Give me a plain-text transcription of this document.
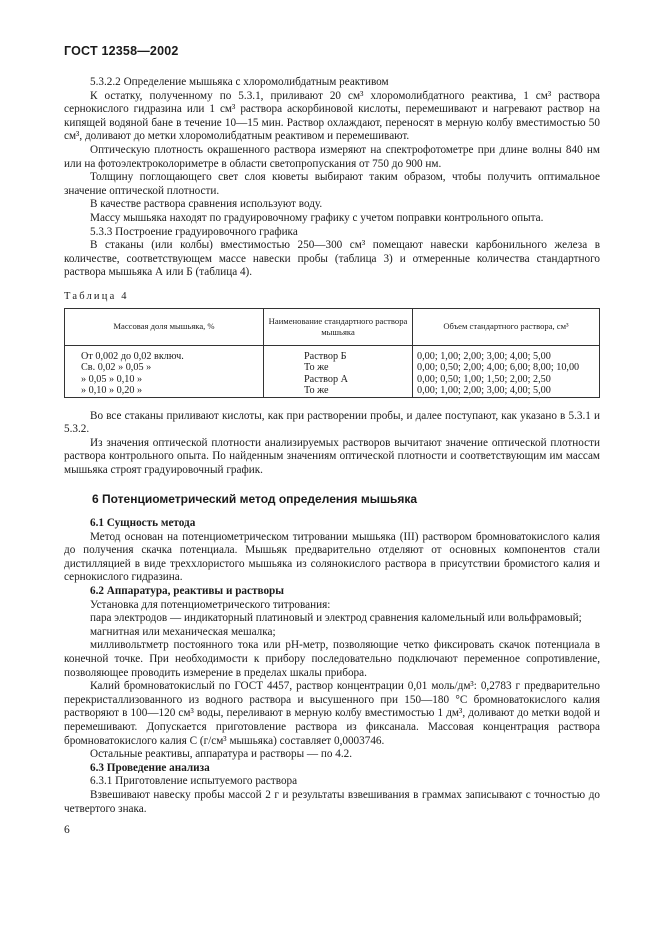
ГОСТ 12358—2002

5.3.2.2 Определение мышьяка с хлоромолибдатным реактивом

К остатку, полученному по 5.3.1, приливают 20 см³ хлоромолибдатного реактива, 1 см³ раствора сернокислого гидразина или 1 см³ раствора аскорбиновой кислоты, перемешивают и нагревают раствор на кипящей водяной бане в течение 10—15 мин. Раствор охлаждают, переносят в мерную колбу вместимостью 50 см³, доливают до метки хлоромолибдатным реактивом и перемешивают.

Оптическую плотность окрашенного раствора измеряют на спектрофотометре при длине волны 840 нм или на фотоэлектроколориметре в области светопропускания от 750 до 900 нм.

Толщину поглощающего свет слоя кюветы выбирают таким образом, чтобы получить оптимальное значение оптической плотности.

В качестве раствора сравнения используют воду.

Массу мышьяка находят по градуировочному графику с учетом поправки контрольного опыта.

5.3.3 Построение градуировочного графика

В стаканы (или колбы) вместимостью 250—300 см³ помещают навески карбонильного железа в количестве, соответствующем массе навески пробы (таблица 3) и отмеренные количества стандартного раствора мышьяка А или Б (таблица 4).

Таблица 4
Массовая доля мышьяка, %	Наименование стандартного раствора мышьяка	Объем стандартного раствора, см³
От 0,002 до 0,02 включ.	Раствор Б	0,00; 1,00; 2,00; 3,00; 4,00; 5,00
Св. 0,02 » 0,05 »	То же	0,00; 0,50; 2,00; 4,00; 6,00; 8,00; 10,00
» 0,05 » 0,10 »	Раствор А	0,00; 0,50; 1,00; 1,50; 2,00; 2,50
» 0,10 » 0,20 »	То же	0,00; 1,00; 2,00; 3,00; 4,00; 5,00

Во все стаканы приливают кислоты, как при растворении пробы, и далее поступают, как указано в 5.3.1 и 5.3.2.

Из значения оптической плотности анализируемых растворов вычитают значение оптической плотности раствора контрольного опыта. По найденным значениям оптической плотности и соответствующим им массам мышьяка строят градуировочный график.

6 Потенциометрический метод определения мышьяка

6.1 Сущность метода

Метод основан на потенциометрическом титровании мышьяка (III) раствором бромноватокислого калия до получения скачка потенциала. Мышьяк предварительно отделяют от основных компонентов стали дистилляцией в виде треххлористого мышьяка из солянокислого раствора в присутствии бромистого калия и сернокислого гидразина.

6.2 Аппаратура, реактивы и растворы

Установка для потенциометрического титрования:

пара электродов — индикаторный платиновый и электрод сравнения каломельный или вольфрамовый;

магнитная или механическая мешалка;

милливольтметр постоянного тока или рН-метр, позволяющие четко фиксировать скачок потенциала в конечной точке. При необходимости к прибору последовательно подключают переменное сопротивление, позволяющее проводить измерение в пределах шкалы прибора.

Калий бромноватокислый по ГОСТ 4457, раствор концентрации 0,01 моль/дм³: 0,2783 г предварительно перекристаллизованного из водного раствора и высушенного при 150—180 °С бромноватокислого калия растворяют в 100—120 см³ воды, переливают в мерную колбу вместимостью 1 дм³, доливают до метки водой и перемешивают. Допускается приготовление раствора из фиксанала. Массовая концентрация раствора бромноватокислого калия С (г/см³ мышьяка) составляет 0,0003746.

Остальные реактивы, аппаратура и растворы — по 4.2.

6.3 Проведение анализа

6.3.1 Приготовление испытуемого раствора

Взвешивают навеску пробы массой 2 г и результаты взвешивания в граммах записывают с точностью до четвертого знака.

6
